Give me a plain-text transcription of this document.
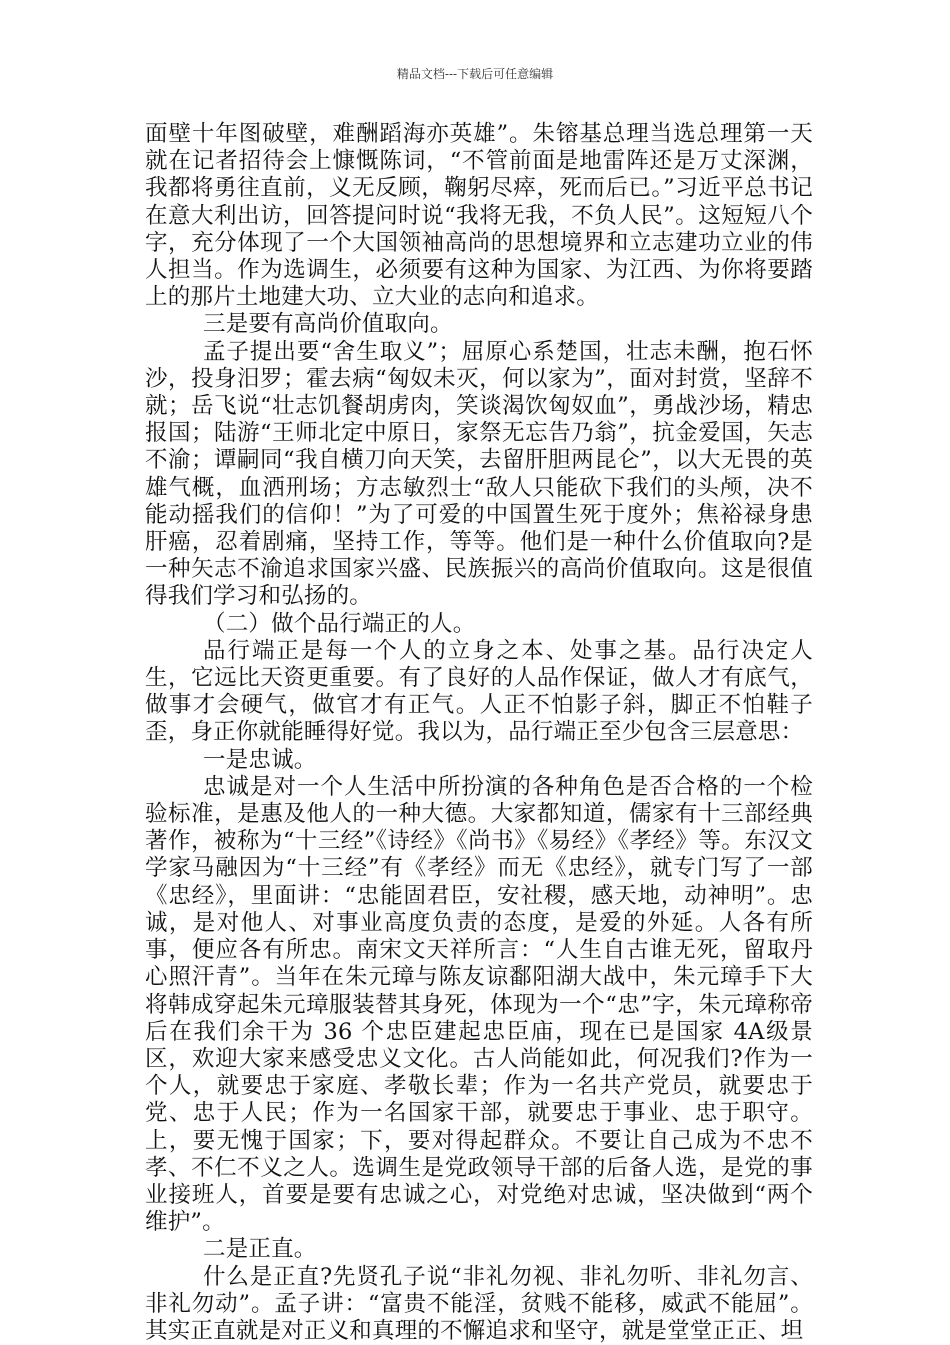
精品文档---下载后可任意编辑

面壁十年图破壁，难酬蹈海亦英雄”。朱镕基总理当选总理第一天就在记者招待会上慷慨陈词，“不管前面是地雷阵还是万丈深渊，我都将勇往直前，义无反顾，鞠躬尽瘁，死而后已。”习近平总书记在意大利出访，回答提问时说“我将无我，不负人民”。这短短八个字，充分体现了一个大国领袖高尚的思想境界和立志建功立业的伟人担当。作为选调生，必须要有这种为国家、为江西、为你将要踏上的那片土地建大功、立大业的志向和追求。

三是要有高尚价值取向。

孟子提出要“舍生取义”；屈原心系楚国，壮志未酬，抱石怀沙，投身汨罗；霍去病“匈奴未灭，何以家为”，面对封赏，坚辞不就；岳飞说“壮志饥餐胡虏肉，笑谈渴饮匈奴血”，勇战沙场，精忠报国；陆游“王师北定中原日，家祭无忘告乃翁”，抗金爱国，矢志不渝；谭嗣同“我自横刀向天笑，去留肝胆两昆仑”，以大无畏的英雄气概，血洒刑场；方志敏烈士“敌人只能砍下我们的头颅，决不能动摇我们的信仰！”为了可爱的中国置生死于度外；焦裕禄身患肝癌，忍着剧痛，坚持工作，等等。他们是一种什么价值取向?是一种矢志不渝追求国家兴盛、民族振兴的高尚价值取向。这是很值得我们学习和弘扬的。

（二）做个品行端正的人。

品行端正是每一个人的立身之本、处事之基。品行决定人生，它远比天资更重要。有了良好的人品作保证，做人才有底气，做事才会硬气，做官才有正气。人正不怕影子斜，脚正不怕鞋子歪，身正你就能睡得好觉。我以为，品行端正至少包含三层意思：

一是忠诚。

忠诚是对一个人生活中所扮演的各种角色是否合格的一个检验标准，是惠及他人的一种大德。大家都知道，儒家有十三部经典著作，被称为“十三经”《诗经》《尚书》《易经》《孝经》等。东汉文学家马融因为“十三经”有《孝经》而无《忠经》，就专门写了一部《忠经》，里面讲：“忠能固君臣，安社稷，感天地，动神明”。忠诚，是对他人、对事业高度负责的态度，是爱的外延。人各有所事，便应各有所忠。南宋文天祥所言：“人生自古谁无死，留取丹心照汗青”。当年在朱元璋与陈友谅鄱阳湖大战中，朱元璋手下大将韩成穿起朱元璋服装替其身死，体现为一个“忠”字，朱元璋称帝后在我们余干为 36 个忠臣建起忠臣庙，现在已是国家 4A级景区，欢迎大家来感受忠义文化。古人尚能如此，何况我们?作为一个人，就要忠于家庭、孝敬长辈；作为一名共产党员，就要忠于党、忠于人民；作为一名国家干部，就要忠于事业、忠于职守。上，要无愧于国家；下，要对得起群众。不要让自己成为不忠不孝、不仁不义之人。选调生是党政领导干部的后备人选，是党的事业接班人，首要是要有忠诚之心，对党绝对忠诚，坚决做到“两个维护”。

二是正直。

什么是正直?先贤孔子说“非礼勿视、非礼勿听、非礼勿言、非礼勿动”。孟子讲：“富贵不能淫，贫贱不能移，威武不能屈”。其实正直就是对正义和真理的不懈追求和坚守，就是堂堂正正、坦
